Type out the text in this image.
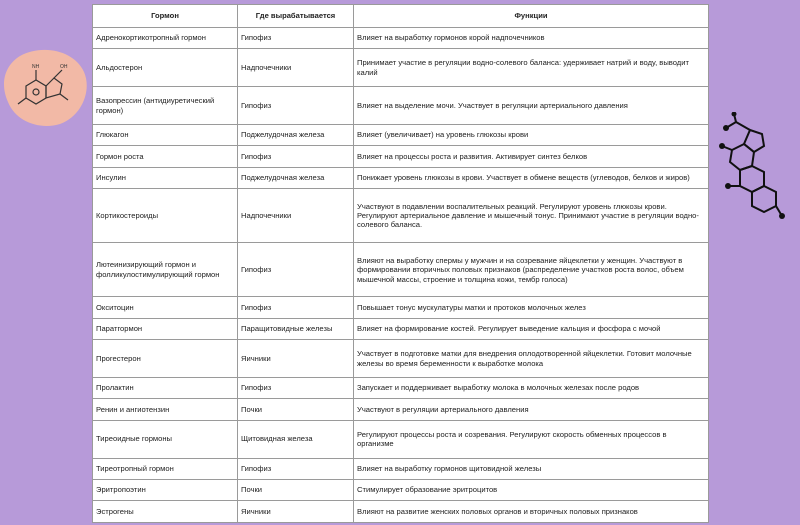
NH	OH
Гормон	Где вырабатывается	Функции
Адренокортикотропный гормон	Гипофиз	Влияет на выработку гормонов корой надпочечников
Альдостерон	Надпочечники	Принимает участие в регуляции водно-солевого баланса: удерживает натрий и воду, выводит калий
Вазопрессин (антидиуретический гормон)	Гипофиз	Влияет на выделение мочи. Участвует в регуляции артериального давления
Глюкагон	Поджелудочная железа	Влияет (увеличивает) на уровень глюкозы крови
Гормон роста	Гипофиз	Влияет на процессы роста и развития. Активирует синтез белков
Инсулин	Поджелудочная железа	Понижает уровень глюкозы в крови. Участвует в обмене веществ (углеводов, белков и жиров)
Кортикостероиды	Надпочечники	Участвуют в подавлении воспалительных реакций. Регулируют уровень глюкозы крови. Регулируют артериальное давление и мышечный тонус. Принимают участие в регуляции водно-солевого баланса.
Лютеинизирующий гормон и фолликулостимулирующий гормон	Гипофиз	Влияют на выработку спермы у мужчин и на созревание яйцеклетки у женщин. Участвуют в формировании вторичных половых признаков (распределение участков роста волос, объем мышечной массы, строение и толщина кожи, тембр голоса)
Окситоцин	Гипофиз	Повышает тонус мускулатуры матки и протоков молочных желез
Паратгормон	Паращитовидные железы	Влияет на формирование костей. Регулирует выведение кальция и фосфора с мочой
Прогестерон	Яичники	Участвует в подготовке матки для внедрения оплодотворенной яйцеклетки. Готовит молочные железы во время беременности к выработке молока
Пролактин	Гипофиз	Запускает и поддерживает выработку молока в молочных железах после родов
Ренин и ангиотензин	Почки	Участвуют в регуляции артериального давления
Тиреоидные гормоны	Щитовидная железа	Регулируют процессы роста и созревания. Регулируют скорость обменных процессов в организме
Тиреотропный гормон	Гипофиз	Влияет на выработку гормонов щитовидной железы
Эритропоэтин	Почки	Стимулирует образование эритроцитов
Эстрогены	Яичники	Влияют на развитие женских половых органов и вторичных половых признаков
